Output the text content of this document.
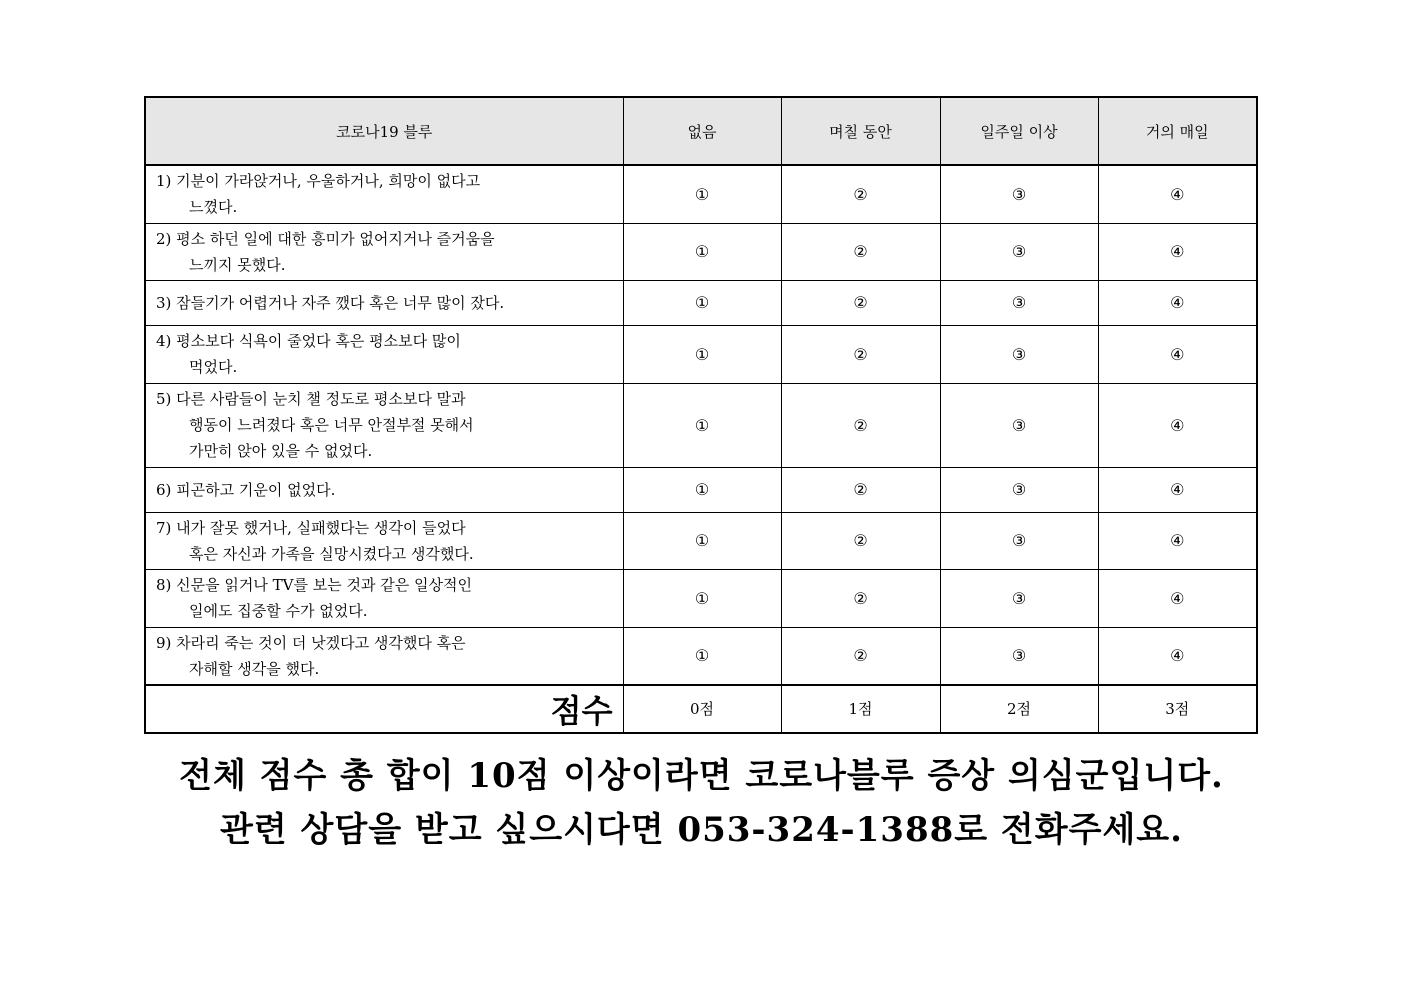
코로나19 블루	없음	며칠 동안	일주일 이상	거의 매일
1) 기분이 가라앉거나, 우울하거나, 희망이 없다고
느꼈다.	①	②	③	④
2) 평소 하던 일에 대한 흥미가 없어지거나 즐거움을
느끼지 못했다.	①	②	③	④
3) 잠들기가 어렵거나 자주 깼다 혹은 너무 많이 잤다.	①	②	③	④
4) 평소보다 식욕이 줄었다 혹은 평소보다 많이
먹었다.	①	②	③	④
5) 다른 사람들이 눈치 챌 정도로 평소보다 말과
행동이 느려졌다 혹은 너무 안절부절 못해서
가만히 앉아 있을 수 없었다.	①	②	③	④
6) 피곤하고 기운이 없었다.	①	②	③	④
7) 내가 잘못 했거나, 실패했다는 생각이 들었다
혹은 자신과 가족을 실망시켰다고 생각했다.	①	②	③	④
8) 신문을 읽거나 TV를 보는 것과 같은 일상적인
일에도 집중할 수가 없었다.	①	②	③	④
9) 차라리 죽는 것이 더 낫겠다고 생각했다 혹은
자해할 생각을 했다.	①	②	③	④
점수	0점	1점	2점	3점
전체 점수 총 합이 10점 이상이라면 코로나블루 증상 의심군입니다.
관련 상담을 받고 싶으시다면 053-324-1388로 전화주세요.
